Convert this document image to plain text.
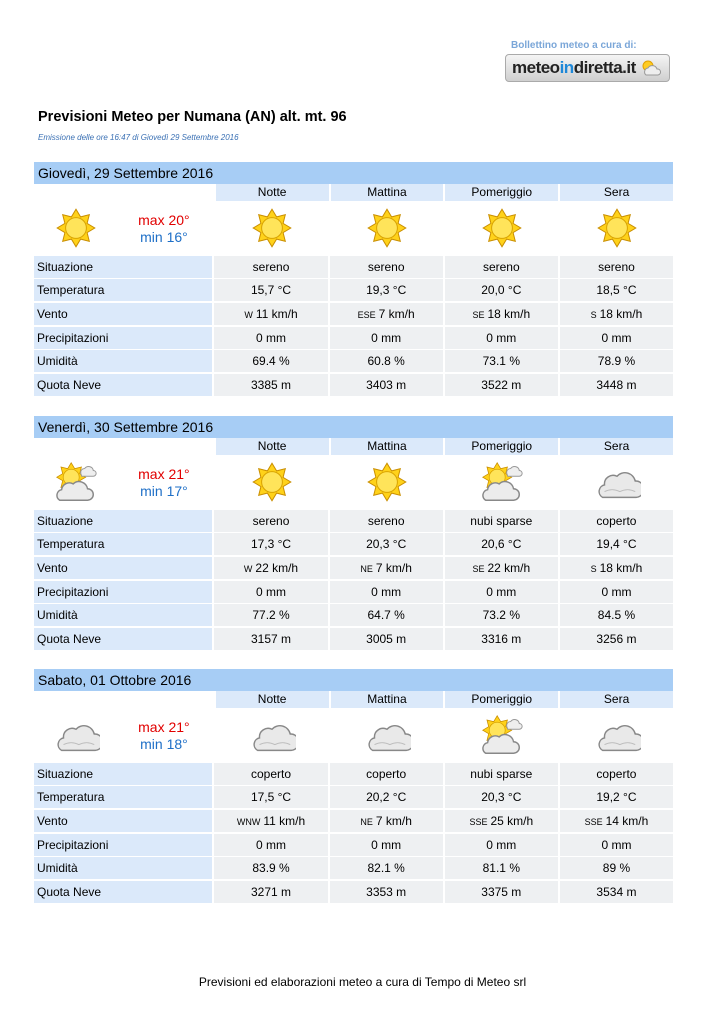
Bollettino meteo a cura di:
meteoindiretta.it
Previsioni Meteo per Numana (AN) alt. mt. 96
Emissione delle ore 16:47 di Giovedì 29 Settembre 2016
Giovedì, 29 Settembre 2016
Notte	Mattina	Pomeriggio	Sera
max 20°
min 16°
Situazione	sereno	sereno	sereno	sereno
Temperatura	15,7 °C	19,3 °C	20,0 °C	18,5 °C
Vento	W 11 km/h	ESE 7 km/h	SE 18 km/h	S 18 km/h
Precipitazioni	0 mm	0 mm	0 mm	0 mm
Umidità	69.4 %	60.8 %	73.1 %	78.9 %
Quota Neve	3385 m	3403 m	3522 m	3448 m
Venerdì, 30 Settembre 2016
Notte	Mattina	Pomeriggio	Sera
max 21°
min 17°
Situazione	sereno	sereno	nubi sparse	coperto
Temperatura	17,3 °C	20,3 °C	20,6 °C	19,4 °C
Vento	W 22 km/h	NE 7 km/h	SE 22 km/h	S 18 km/h
Precipitazioni	0 mm	0 mm	0 mm	0 mm
Umidità	77.2 %	64.7 %	73.2 %	84.5 %
Quota Neve	3157 m	3005 m	3316 m	3256 m
Sabato, 01 Ottobre 2016
Notte	Mattina	Pomeriggio	Sera
max 21°
min 18°
Situazione	coperto	coperto	nubi sparse	coperto
Temperatura	17,5 °C	20,2 °C	20,3 °C	19,2 °C
Vento	WNW 11 km/h	NE 7 km/h	SSE 25 km/h	SSE 14 km/h
Precipitazioni	0 mm	0 mm	0 mm	0 mm
Umidità	83.9 %	82.1 %	81.1 %	89 %
Quota Neve	3271 m	3353 m	3375 m	3534 m
Previsioni ed elaborazioni meteo a cura di Tempo di Meteo srl
